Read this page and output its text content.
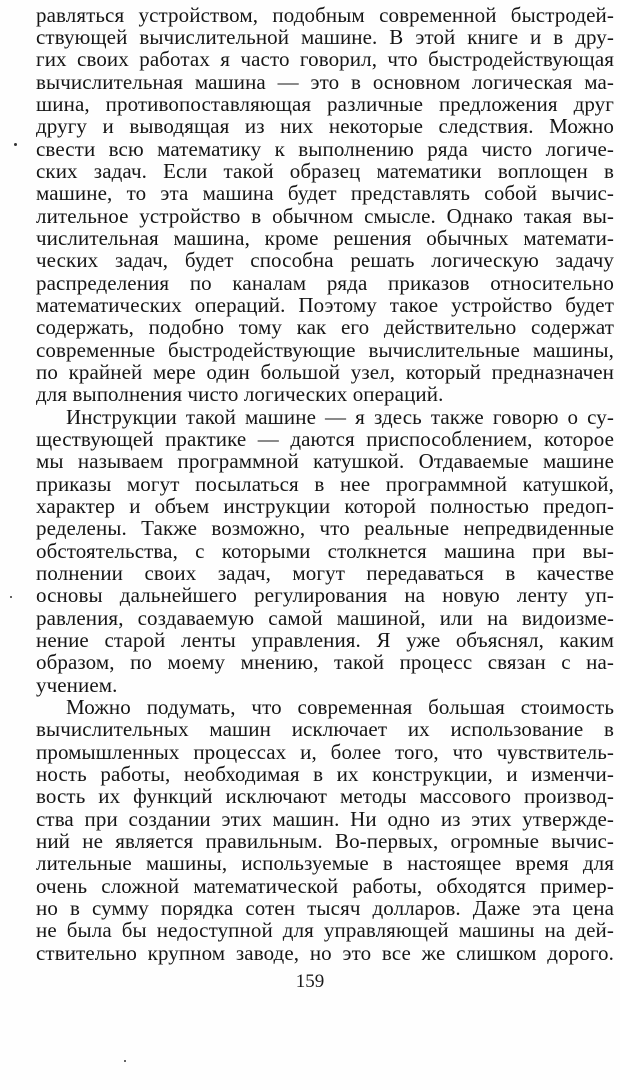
равляться устройством, подобным современной быстродей-
ствующей вычислительной машине. В этой книге и в дру-
гих своих работах я часто говорил, что быстродействующая
вычислительная машина — это в основном логическая ма-
шина, противопоставляющая различные предложения друг
другу и выводящая из них некоторые следствия. Можно
свести всю математику к выполнению ряда чисто логиче-
ских задач. Если такой образец математики воплощен в
машине, то эта машина будет представлять собой вычис-
лительное устройство в обычном смысле. Однако такая вы-
числительная машина, кроме решения обычных математи-
ческих задач, будет способна решать логическую задачу
распределения по каналам ряда приказов относительно
математических операций. Поэтому такое устройство будет
содержать, подобно тому как его действительно содержат
современные быстродействующие вычислительные машины,
по крайней мере один большой узел, который предназначен
для выполнения чисто логических операций.
Инструкции такой машине — я здесь также говорю о су-
ществующей практике — даются приспособлением, которое
мы называем программной катушкой. Отдаваемые машине
приказы могут посылаться в нее программной катушкой,
характер и объем инструкции которой полностью предоп-
ределены. Также возможно, что реальные непредвиденные
обстоятельства, с которыми столкнется машина при вы-
полнении своих задач, могут передаваться в качестве
основы дальнейшего регулирования на новую ленту уп-
равления, создаваемую самой машиной, или на видоизме-
нение старой ленты управления. Я уже объяснял, каким
образом, по моему мнению, такой процесс связан с на-
учением.
Можно подумать, что современная большая стоимость
вычислительных машин исключает их использование в
промышленных процессах и, более того, что чувствитель-
ность работы, необходимая в их конструкции, и изменчи-
вость их функций исключают методы массового производ-
ства при создании этих машин. Ни одно из этих утвержде-
ний не является правильным. Во-первых, огромные вычис-
лительные машины, используемые в настоящее время для
очень сложной математической работы, обходятся пример-
но в сумму порядка сотен тысяч долларов. Даже эта цена
не была бы недоступной для управляющей машины на дей-
ствительно крупном заводе, но это все же слишком дорого.
159
